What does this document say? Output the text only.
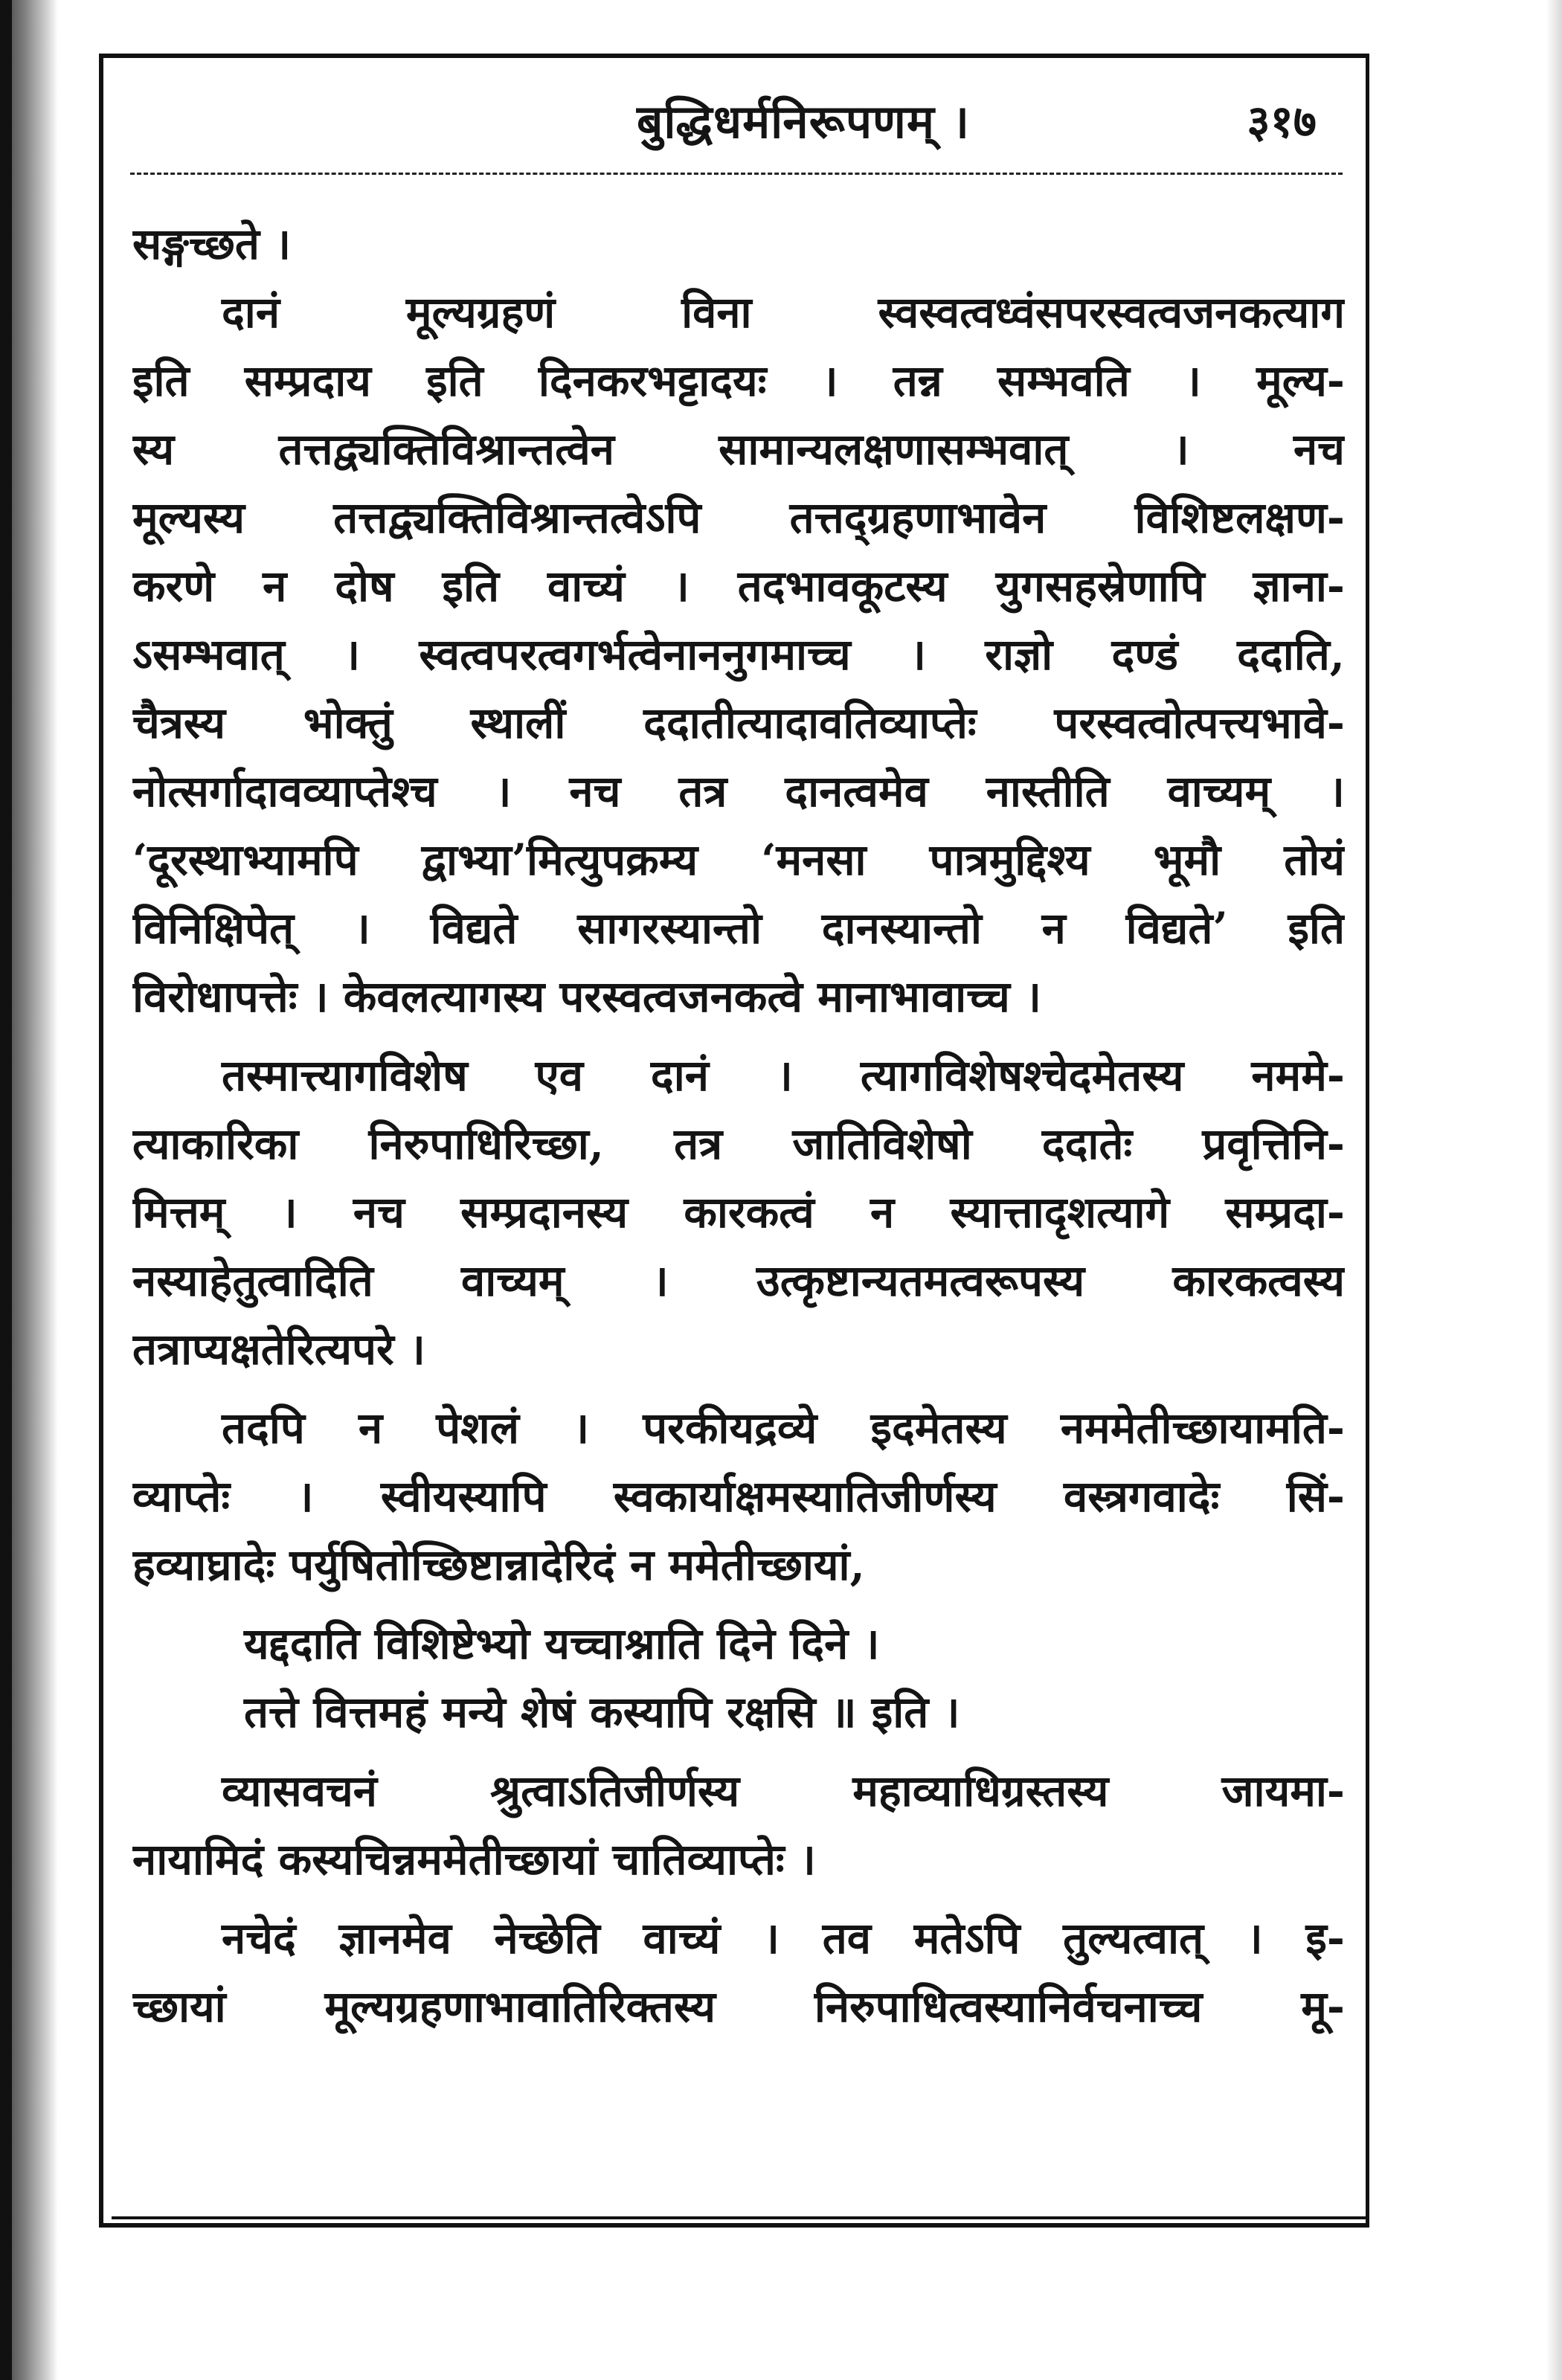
बुद्धिधर्मनिरूपणम् ।	३१७
सङ्गच्छते ।
दानं मूल्यग्रहणं विना स्वस्वत्वध्वंसपरस्वत्वजनकत्याग
इति सम्प्रदाय इति दिनकरभट्टादयः । तन्न सम्भवति । मूल्य-
स्य तत्तद्व्यक्तिविश्रान्तत्वेन सामान्यलक्षणासम्भवात् । नच
मूल्यस्य तत्तद्व्यक्तिविश्रान्तत्वेऽपि तत्तद्ग्रहणाभावेन विशिष्टलक्षण-
करणे न दोष इति वाच्यं । तदभावकूटस्य युगसहस्रेणापि ज्ञाना-
ऽसम्भवात् । स्वत्वपरत्वगर्भत्वेनाननुगमाच्च । राज्ञो दण्डं ददाति,
चैत्रस्य भोक्तुं स्थालीं ददातीत्यादावतिव्याप्तेः परस्वत्वोत्पत्त्यभावे-
नोत्सर्गादावव्याप्तेश्च । नच तत्र दानत्वमेव नास्तीति वाच्यम् ।
‘दूरस्थाभ्यामपि द्वाभ्या’मित्युपक्रम्य ‘मनसा पात्रमुद्दिश्य भूमौ तोयं
विनिक्षिपेत् । विद्यते सागरस्यान्तो दानस्यान्तो न विद्यते’ इति
विरोधापत्तेः । केवलत्यागस्य परस्वत्वजनकत्वे मानाभावाच्च ।
तस्मात्त्यागविशेष एव दानं । त्यागविशेषश्चेदमेतस्य नममे-
त्याकारिका निरुपाधिरिच्छा, तत्र जातिविशेषो ददातेः प्रवृत्तिनि-
मित्तम् । नच सम्प्रदानस्य कारकत्वं न स्यात्तादृशत्यागे सम्प्रदा-
नस्याहेतुत्वादिति वाच्यम् । उत्कृष्टान्यतमत्वरूपस्य कारकत्वस्य
तत्राप्यक्षतेरित्यपरे ।
तदपि न पेशलं । परकीयद्रव्ये इदमेतस्य नममेतीच्छायामति-
व्याप्तेः । स्वीयस्यापि स्वकार्याक्षमस्यातिजीर्णस्य वस्त्रगवादेः सिं-
हव्याघ्रादेः पर्युषितोच्छिष्टान्नादेरिदं न ममेतीच्छायां,
यद्ददाति विशिष्टेभ्यो यच्चाश्नाति दिने दिने ।
तत्ते वित्तमहं मन्ये शेषं कस्यापि रक्षसि ॥ इति ।
व्यासवचनं श्रुत्वाऽतिजीर्णस्य महाव्याधिग्रस्तस्य जायमा-
नायामिदं कस्यचिन्नममेतीच्छायां चातिव्याप्तेः ।
नचेदं ज्ञानमेव नेच्छेति वाच्यं । तव मतेऽपि तुल्यत्वात् । इ-
च्छायां मूल्यग्रहणाभावातिरिक्तस्य निरुपाधित्वस्यानिर्वचनाच्च मू-
